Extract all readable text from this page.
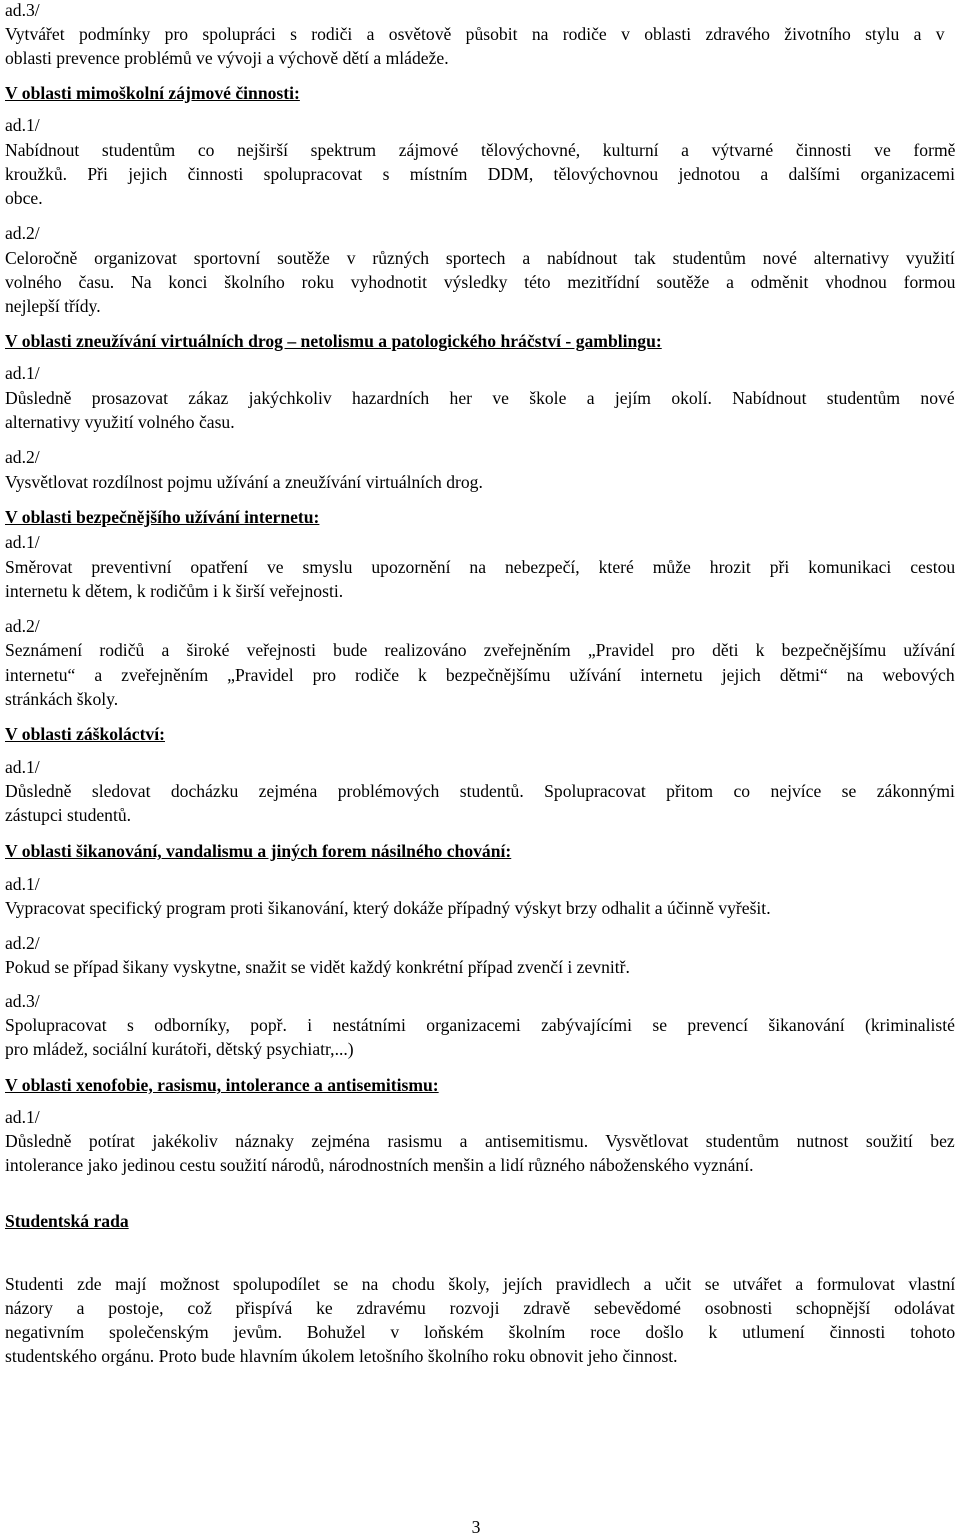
ad.3/
Vytvářet podmínky pro spolupráci s rodiči a osvětově působit na rodiče v oblasti zdravého životního stylu a v
oblasti prevence problémů ve vývoji a výchově dětí a mládeže.
V oblasti mimoškolní zájmové činnosti:
ad.1/
Nabídnout studentům co nejširší spektrum zájmové tělovýchovné, kulturní a výtvarné činnosti ve formě
kroužků. Při jejich činnosti spolupracovat s místním DDM, tělovýchovnou jednotou a dalšími organizacemi
obce.
ad.2/
Celoročně organizovat sportovní soutěže v různých sportech a nabídnout tak studentům nové alternativy využití
volného času. Na konci školního roku vyhodnotit výsledky této mezitřídní soutěže a odměnit vhodnou formou
nejlepší třídy.
V oblasti zneužívání virtuálních drog – netolismu a patologického hráčství - gamblingu:
ad.1/
Důsledně prosazovat zákaz jakýchkoliv hazardních her ve škole a jejím okolí. Nabídnout studentům nové
alternativy využití volného času.
ad.2/
Vysvětlovat rozdílnost pojmu užívání a zneužívání virtuálních drog.
V oblasti bezpečnějšího užívání internetu:
ad.1/
Směrovat preventivní opatření ve smyslu upozornění na nebezpečí, které může hrozit při komunikaci cestou
internetu k dětem, k rodičům i k širší veřejnosti.
ad.2/
Seznámení rodičů a široké veřejnosti bude realizováno zveřejněním „Pravidel pro děti k bezpečnějšímu užívání
internetu“ a zveřejněním „Pravidel pro rodiče k bezpečnějšímu užívání internetu jejich dětmi“ na webových
stránkách školy.
V oblasti záškoláctví:
ad.1/
Důsledně sledovat docházku zejména problémových studentů. Spolupracovat přitom co nejvíce se zákonnými
zástupci studentů.
V oblasti šikanování, vandalismu a jiných forem násilného chování:
ad.1/
Vypracovat specifický program proti šikanování, který dokáže případný výskyt brzy odhalit a účinně vyřešit.
ad.2/
Pokud se případ šikany vyskytne, snažit se vidět každý konkrétní případ zvenčí i zevnitř.
ad.3/
Spolupracovat s odborníky, popř. i nestátními organizacemi zabývajícími se prevencí šikanování (kriminalisté
pro mládež, sociální kurátoři, dětský psychiatr,...)
V oblasti xenofobie, rasismu, intolerance a antisemitismu:
ad.1/
Důsledně potírat jakékoliv náznaky zejména rasismu a antisemitismu. Vysvětlovat studentům nutnost soužití bez
intolerance jako jedinou cestu soužití národů, národnostních menšin a lidí různého náboženského vyznání.
Studentská rada
Studenti zde mají možnost spolupodílet se na chodu školy, jejích pravidlech a učit se utvářet a formulovat vlastní
názory a postoje, což přispívá ke zdravému rozvoji zdravě sebevědomé osobnosti schopnější odolávat
negativním společenským jevům. Bohužel v loňském školním roce došlo k utlumení činnosti tohoto
studentského orgánu. Proto bude hlavním úkolem letošního školního roku obnovit jeho činnost.
3
